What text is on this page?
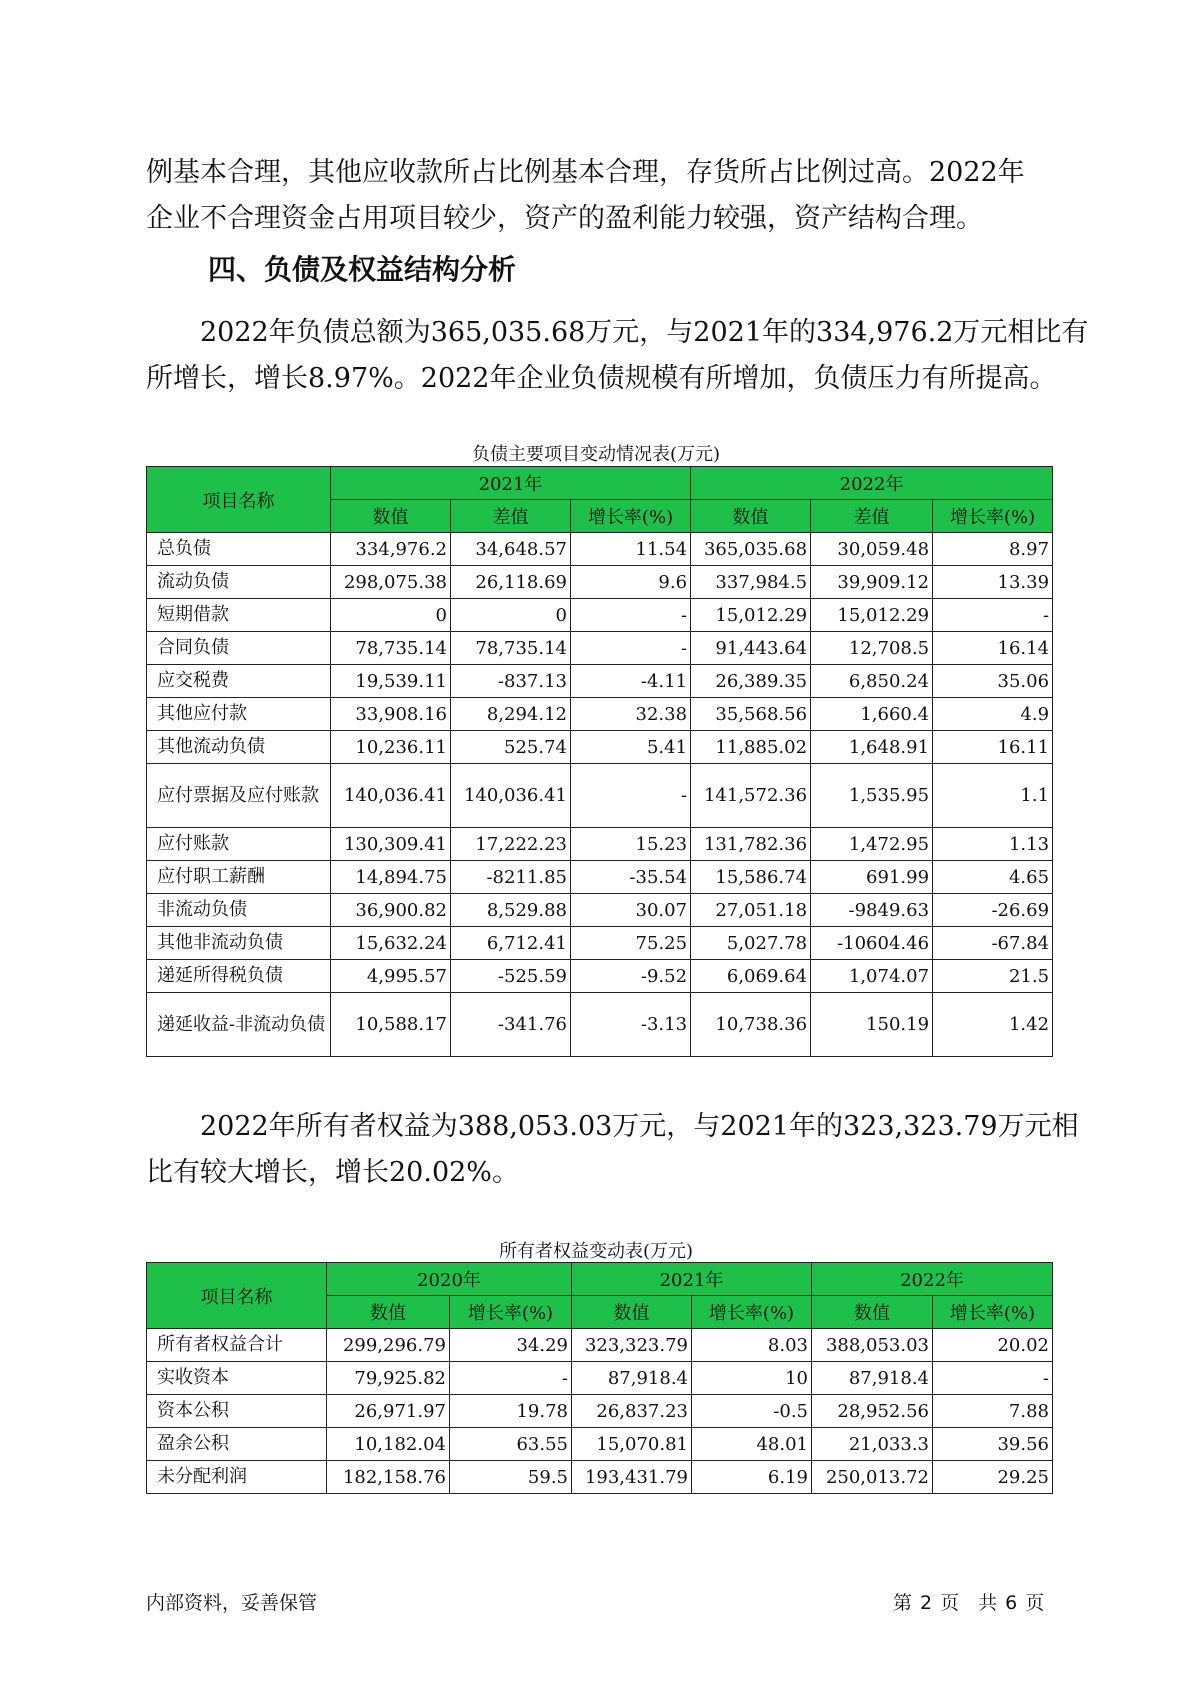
例基本合理，其他应收款所占比例基本合理，存货所占比例过高。2022年
企业不合理资金占用项目较少，资产的盈利能力较强，资产结构合理。

四、负债及权益结构分析

2022年负债总额为365,035.68万元，与2021年的334,976.2万元相比有
所增长，增长8.97%。2022年企业负债规模有所增加，负债压力有所提高。

负债主要项目变动情况表(万元)
项目名称	2021年			2022年		
	数值	差值	增长率(%)	数值	差值	增长率(%)
总负债	334,976.2	34,648.57	11.54	365,035.68	30,059.48	8.97
流动负债	298,075.38	26,118.69	9.6	337,984.5	39,909.12	13.39
短期借款	0	0	-	15,012.29	15,012.29	-
合同负债	78,735.14	78,735.14	-	91,443.64	12,708.5	16.14
应交税费	19,539.11	-837.13	-4.11	26,389.35	6,850.24	35.06
其他应付款	33,908.16	8,294.12	32.38	35,568.56	1,660.4	4.9
其他流动负债	10,236.11	525.74	5.41	11,885.02	1,648.91	16.11
应付票据及应付账款	140,036.41	140,036.41	-	141,572.36	1,535.95	1.1
应付账款	130,309.41	17,222.23	15.23	131,782.36	1,472.95	1.13
应付职工薪酬	14,894.75	-8211.85	-35.54	15,586.74	691.99	4.65
非流动负债	36,900.82	8,529.88	30.07	27,051.18	-9849.63	-26.69
其他非流动负债	15,632.24	6,712.41	75.25	5,027.78	-10604.46	-67.84
递延所得税负债	4,995.57	-525.59	-9.52	6,069.64	1,074.07	21.5
递延收益-非流动负债	10,588.17	-341.76	-3.13	10,738.36	150.19	1.42

2022年所有者权益为388,053.03万元，与2021年的323,323.79万元相
比有较大增长，增长20.02%。

所有者权益变动表(万元)
项目名称	2020年		2021年		2022年	
	数值	增长率(%)	数值	增长率(%)	数值	增长率(%)
所有者权益合计	299,296.79	34.29	323,323.79	8.03	388,053.03	20.02
实收资本	79,925.82	-	87,918.4	10	87,918.4	-
资本公积	26,971.97	19.78	26,837.23	-0.5	28,952.56	7.88
盈余公积	10,182.04	63.55	15,070.81	48.01	21,033.3	39.56
未分配利润	182,158.76	59.5	193,431.79	6.19	250,013.72	29.25
内部资料，妥善保管	第 2 页　共 6 页
